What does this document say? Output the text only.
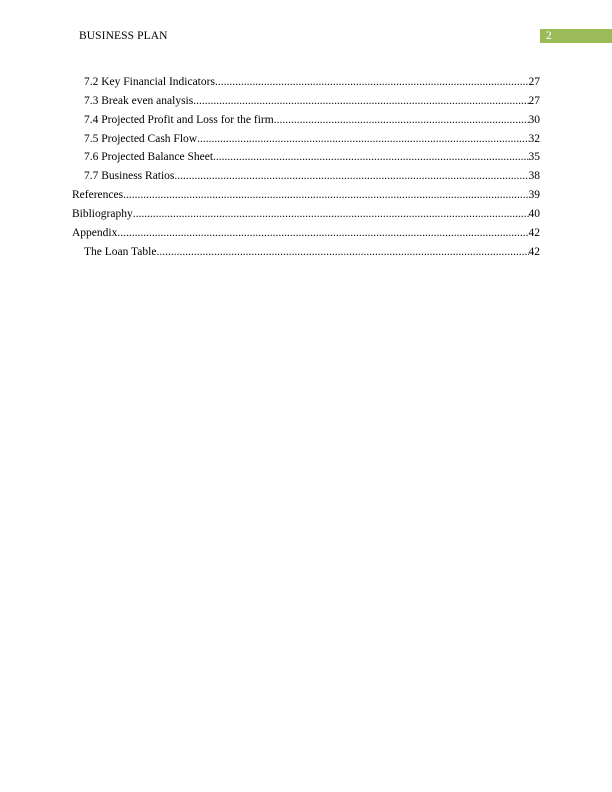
BUSINESS PLAN	2
7.2 Key Financial Indicators .....	27
7.3 Break even analysis .....	27
7.4 Projected Profit and Loss for the firm .....	30
7.5 Projected Cash Flow .....	32
7.6 Projected Balance Sheet .....	35
7.7 Business Ratios .....	38
References .....	39
Bibliography .....	40
Appendix .....	42
The Loan Table .....	42
